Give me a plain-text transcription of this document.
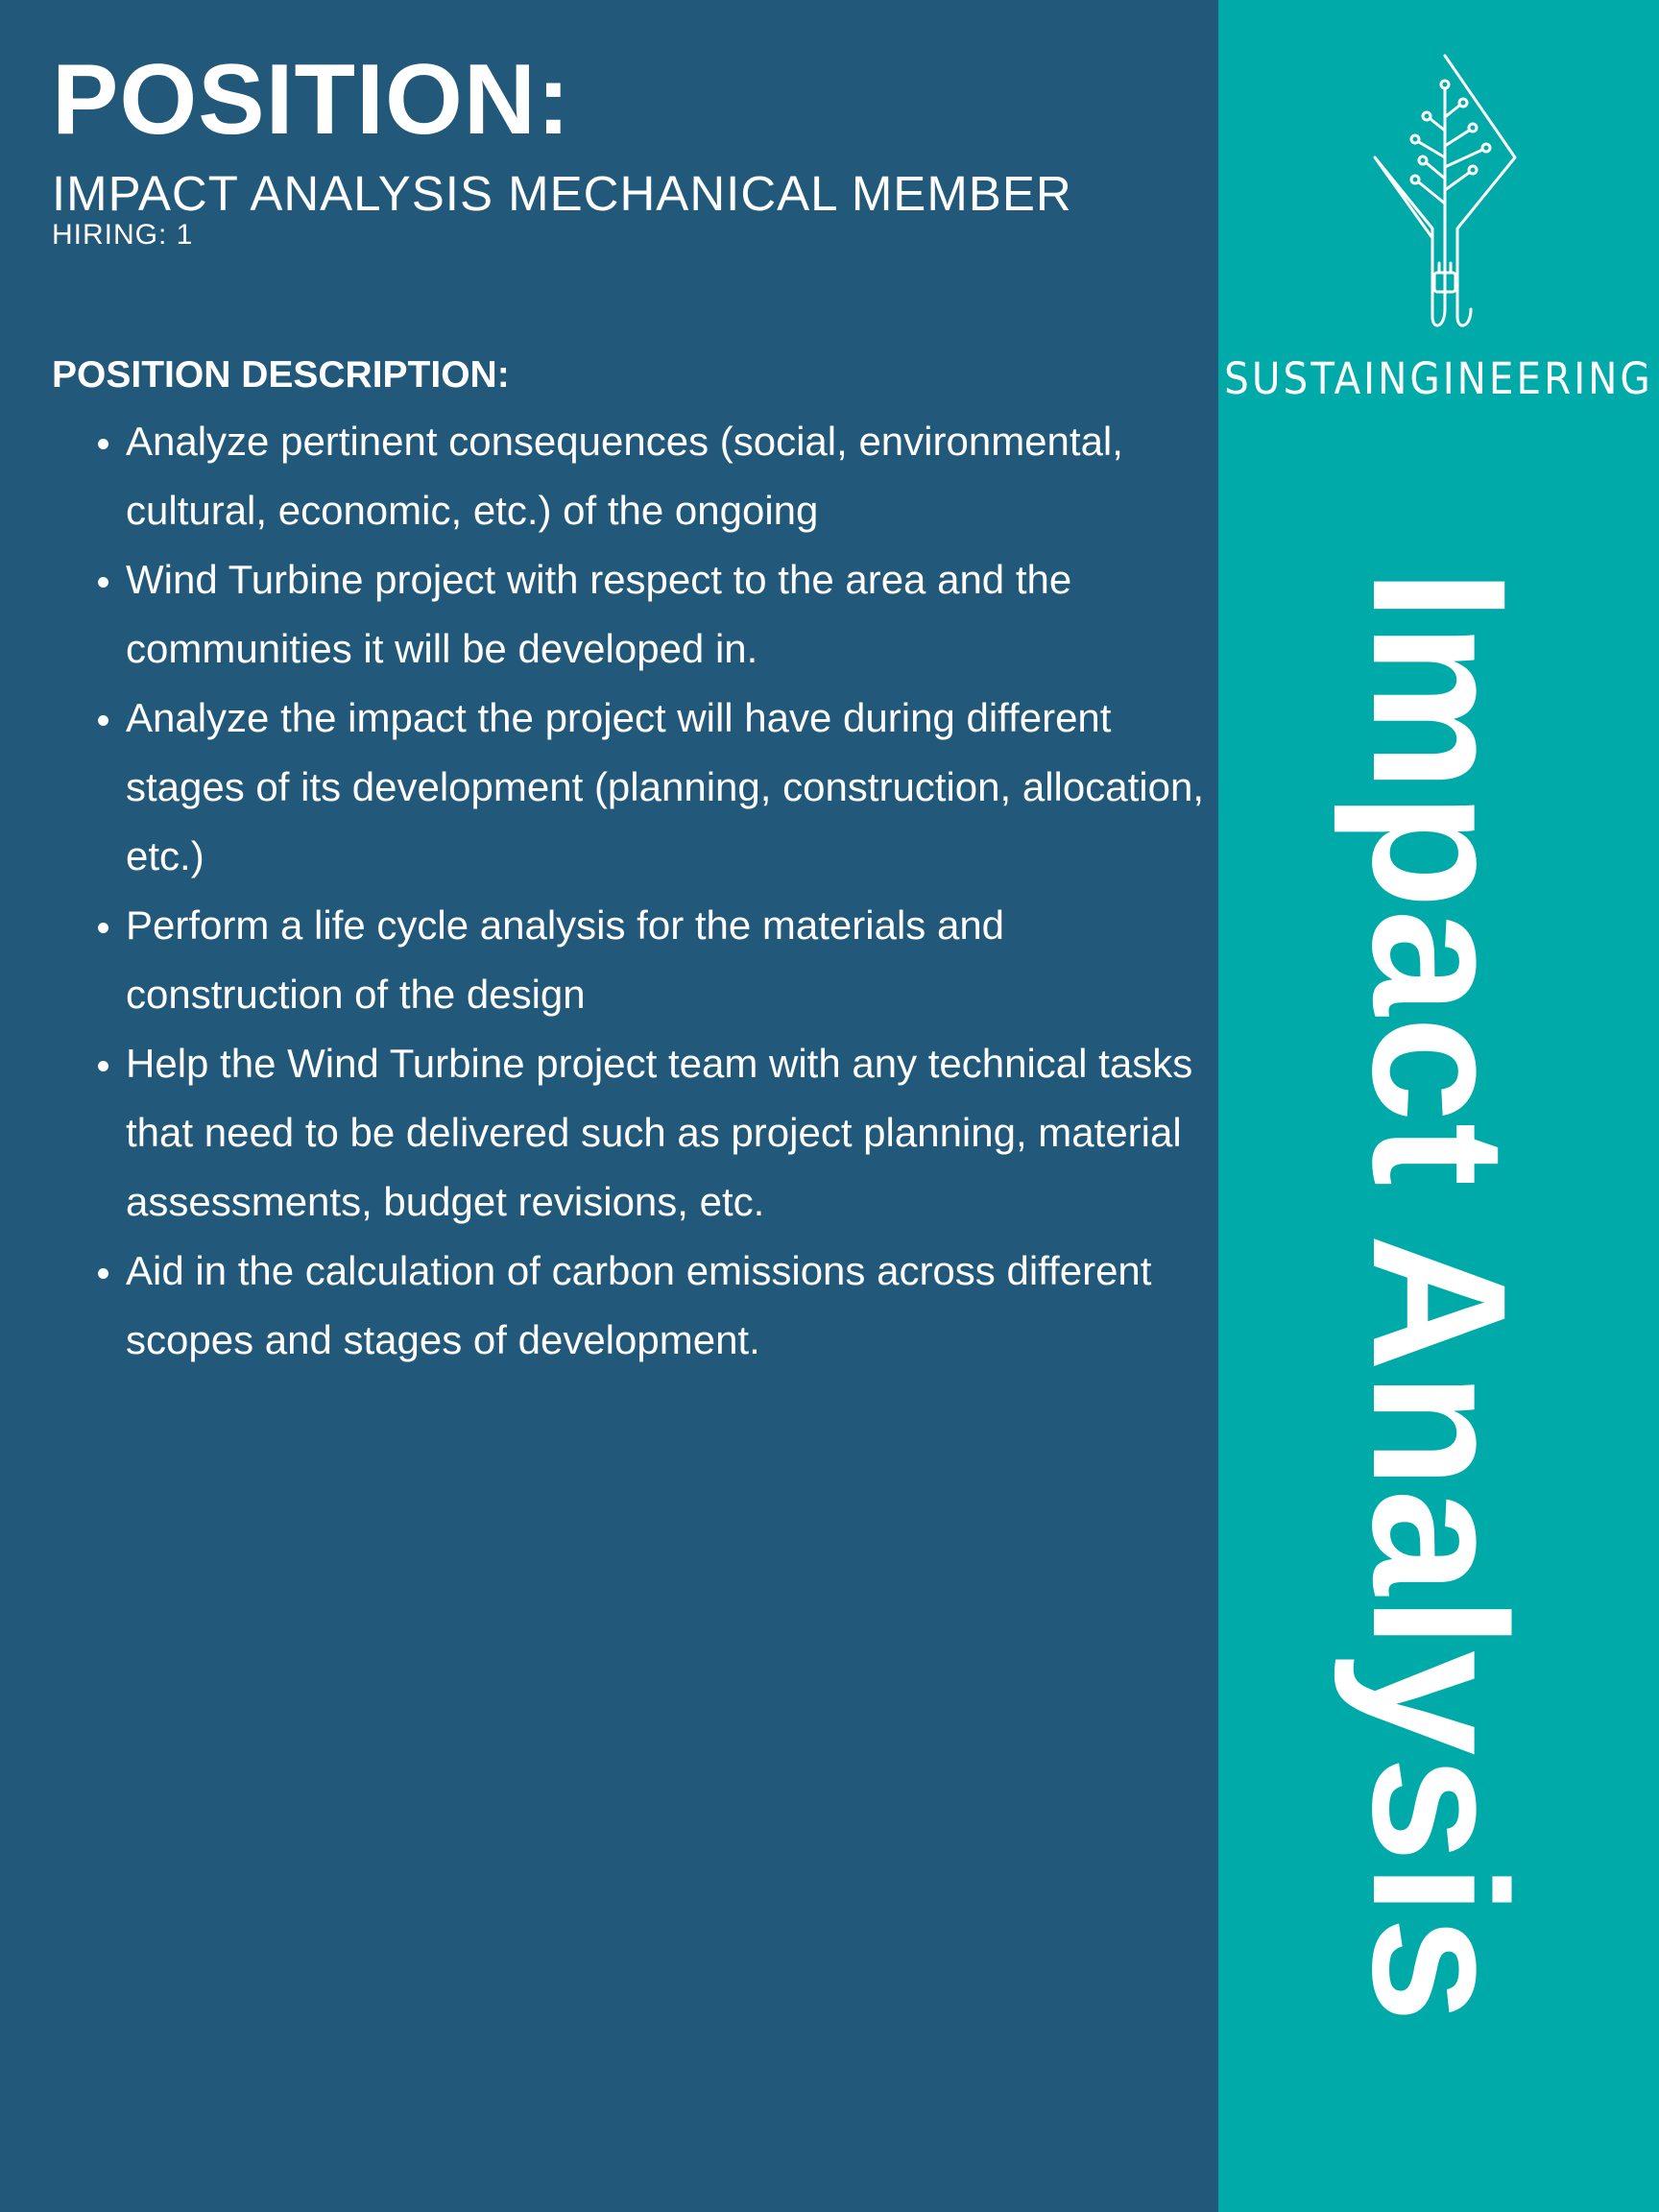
POSITION:
IMPACT ANALYSIS MECHANICAL MEMBER
HIRING: 1
POSITION DESCRIPTION:
• Analyze pertinent consequences (social, environmental, cultural, economic, etc.) of the ongoing
• Wind Turbine project with respect to the area and the communities it will be developed in.
• Analyze the impact the project will have during different stages of its development (planning, construction, allocation, etc.)
• Perform a life cycle analysis for the materials and construction of the design
• Help the Wind Turbine project team with any technical tasks that need to be delivered such as project planning, material assessments, budget revisions, etc.
• Aid in the calculation of carbon emissions across different scopes and stages of development.
SUSTAINGINEERING
Impact Analysis
